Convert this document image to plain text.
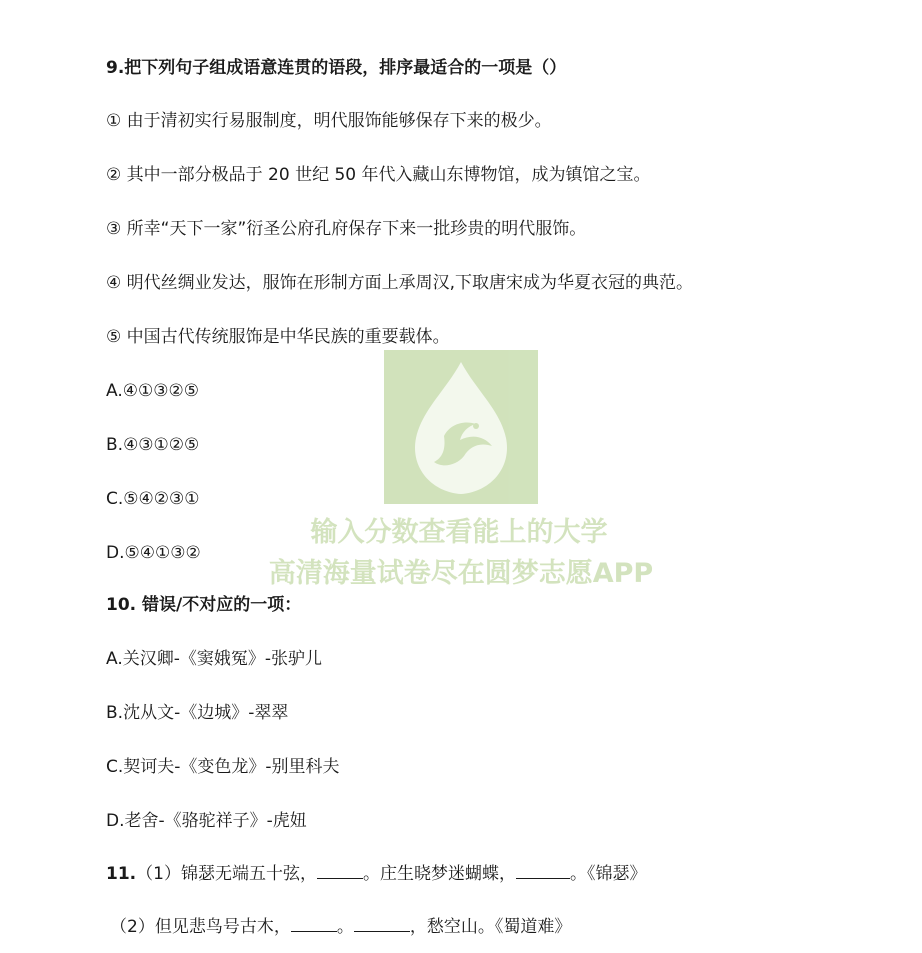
9.把下列句子组成语意连贯的语段，排序最适合的一项是（）
① 由于清初实行易服制度，明代服饰能够保存下来的极少。
② 其中一部分极品于 20 世纪 50 年代入藏山东博物馆，成为镇馆之宝。
③ 所幸“天下一家”衍圣公府孔府保存下来一批珍贵的明代服饰。
④ 明代丝绸业发达，服饰在形制方面上承周汉,下取唐宋成为华夏衣冠的典范。
⑤ 中国古代传统服饰是中华民族的重要载体。
A.④①③②⑤
B.④③①②⑤
C.⑤④②③①
D.⑤④①③②
10. 错误/不对应的一项：
A.关汉卿-《窦娥冤》-张驴儿
B.沈从文-《边城》-翠翠
C.契诃夫-《变色龙》-别里科夫
D.老舍-《骆驼祥子》-虎妞
11.（1）锦瑟无端五十弦，	。庄生晓梦迷蝴蝶，	。《锦瑟》
（2）但见悲鸟号古木，	。	，愁空山。《蜀道难》
输入分数查看能上的大学
高清海量试卷尽在圆梦志愿APP
